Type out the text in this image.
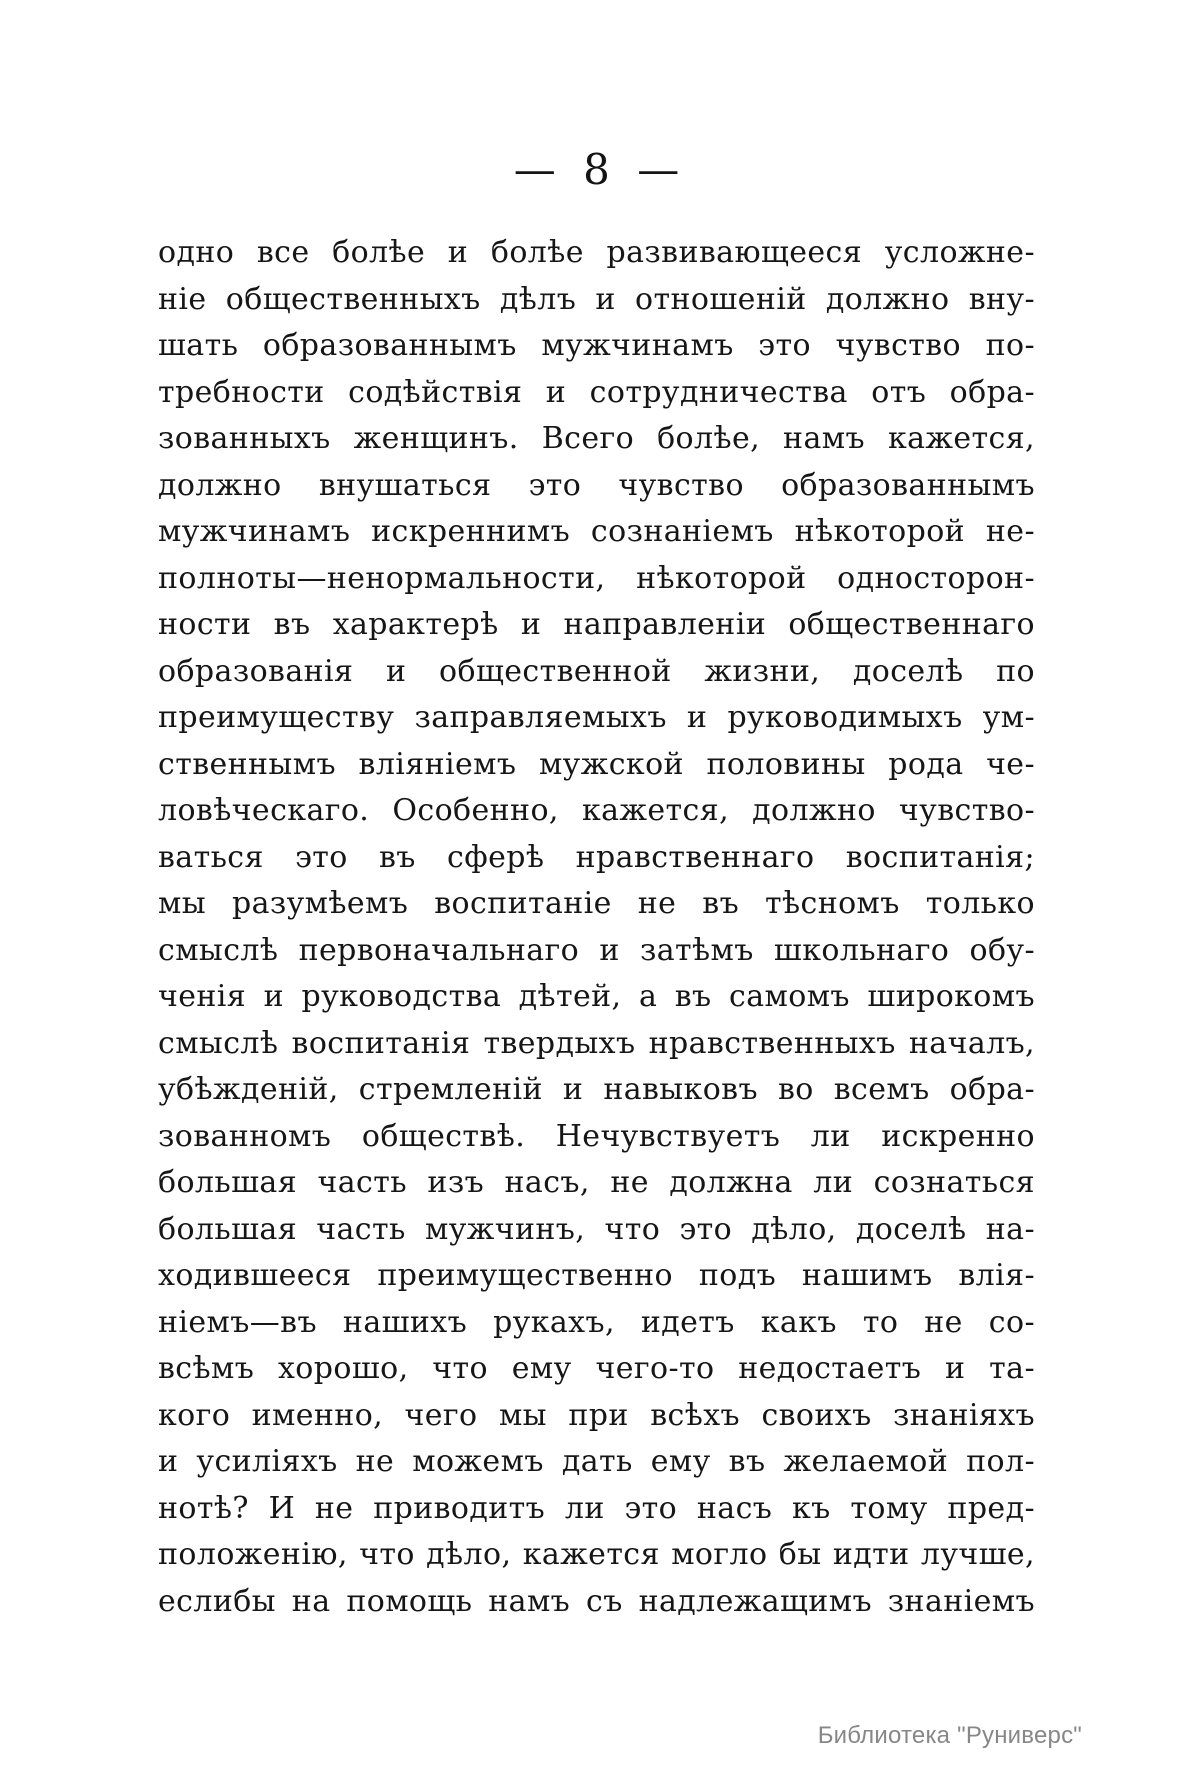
— 8 —
одно все болѣе и болѣе развивающееся усложне-
ніе общественныхъ дѣлъ и отношеній должно вну-
шать образованнымъ мужчинамъ это чувство по-
требности содѣйствія и сотрудничества отъ обра-
зованныхъ женщинъ. Всего болѣе, намъ кажется,
должно внушаться это чувство образованнымъ
мужчинамъ искреннимъ сознаніемъ нѣкоторой не-
полноты—ненормальности, нѣкоторой односторон-
ности въ характерѣ и направленіи общественнаго
образованія и общественной жизни, доселѣ по
преимуществу заправляемыхъ и руководимыхъ ум-
ственнымъ вліяніемъ мужской половины рода че-
ловѣческаго. Особенно, кажется, должно чувство-
ваться это въ сферѣ нравственнаго воспитанія;
мы разумѣемъ воспитаніе не въ тѣсномъ только
смыслѣ первоначальнаго и затѣмъ школьнаго обу-
ченія и руководства дѣтей, а въ самомъ широкомъ
смыслѣ воспитанія твердыхъ нравственныхъ началъ,
убѣжденій, стремленій и навыковъ во всемъ обра-
зованномъ обществѣ. Нечувствуетъ ли искренно
большая часть изъ насъ, не должна ли сознаться
большая часть мужчинъ, что это дѣло, доселѣ на-
ходившееся преимущественно подъ нашимъ влія-
ніемъ—въ нашихъ рукахъ, идетъ какъ то не со-
всѣмъ хорошо, что ему чего-то недостаетъ и та-
кого именно, чего мы при всѣхъ своихъ знаніяхъ
и усиліяхъ не можемъ дать ему въ желаемой пол-
нотѣ? И не приводитъ ли это насъ къ тому пред-
положенію, что дѣло, кажется могло бы идти лучше,
еслибы на помощь намъ съ надлежащимъ знаніемъ
Библиотека "Руниверс"
